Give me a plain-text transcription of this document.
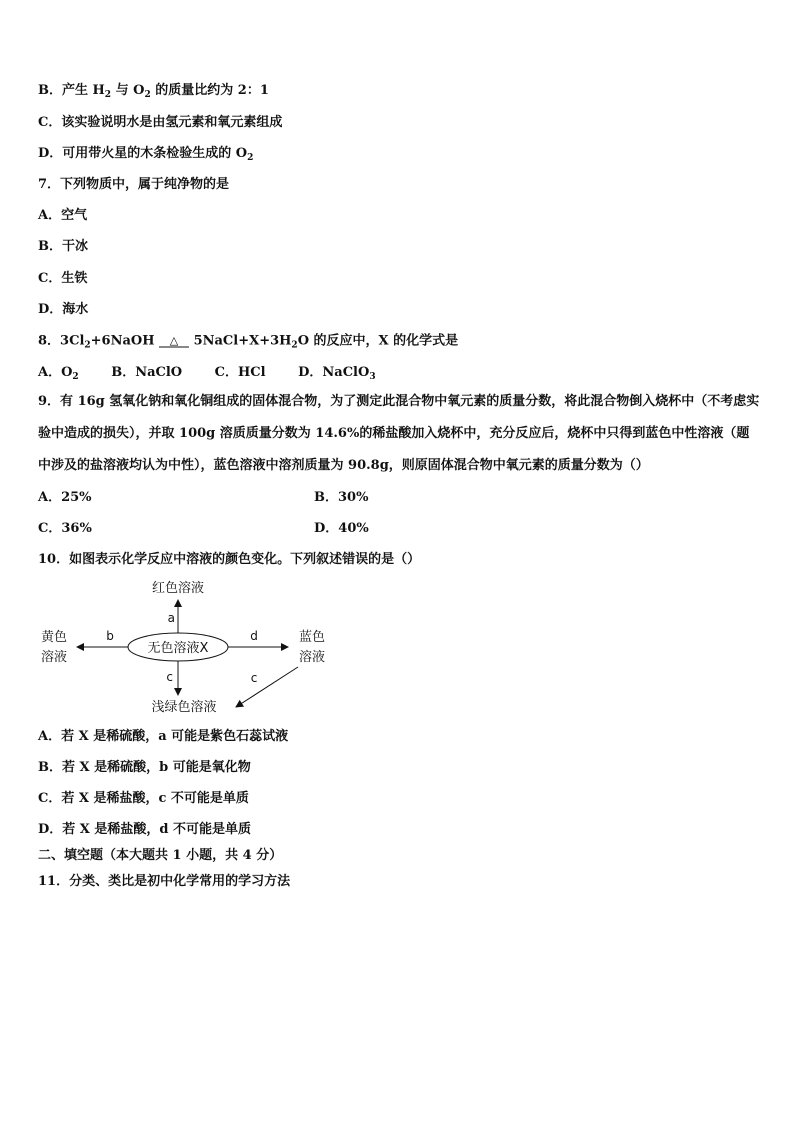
B．产生 $H_2$ 与 $O_2$ 的质量比约为 2：1
C．该实验说明水是由氢元素和氧元素组成
D．可用带火星的木条检验生成的 $O_2$
7．下列物质中，属于纯净物的是
A．空气
B．干冰
C．生铁
D．海水
8．$3Cl_2+6NaOH$ △ $5NaCl+X+3H_2O$ 的反应中，X 的化学式是
A．$O_2$	B．NaClO	C．HCl	D．NaClO$_3$
9．有 16g 氢氧化钠和氧化铜组成的固体混合物，为了测定此混合物中氧元素的质量分数，将此混合物倒入烧杯中（不考虑实验中造成的损失），并取 100g 溶质质量分数为 14.6%的稀盐酸加入烧杯中，充分反应后，烧杯中只得到蓝色中性溶液（题中涉及的盐溶液均认为中性），蓝色溶液中溶剂质量为 90.8g，则原固体混合物中氧元素的质量分数为（）
A．25%	B．30%
C．36%	D．40%
10．如图表示化学反应中溶液的颜色变化。下列叙述错误的是（）
无色溶液X
a
红色溶液
b
黄色
溶液
d	蓝色
溶液
c
浅绿色溶液
c
A．若 X 是稀硫酸，a 可能是紫色石蕊试液
B．若 X 是稀硫酸，b 可能是氧化物
C．若 X 是稀盐酸，c 不可能是单质
D．若 X 是稀盐酸，d 不可能是单质
二、填空题（本大题共 1 小题，共 4 分）
11．分类、类比是初中化学常用的学习方法
